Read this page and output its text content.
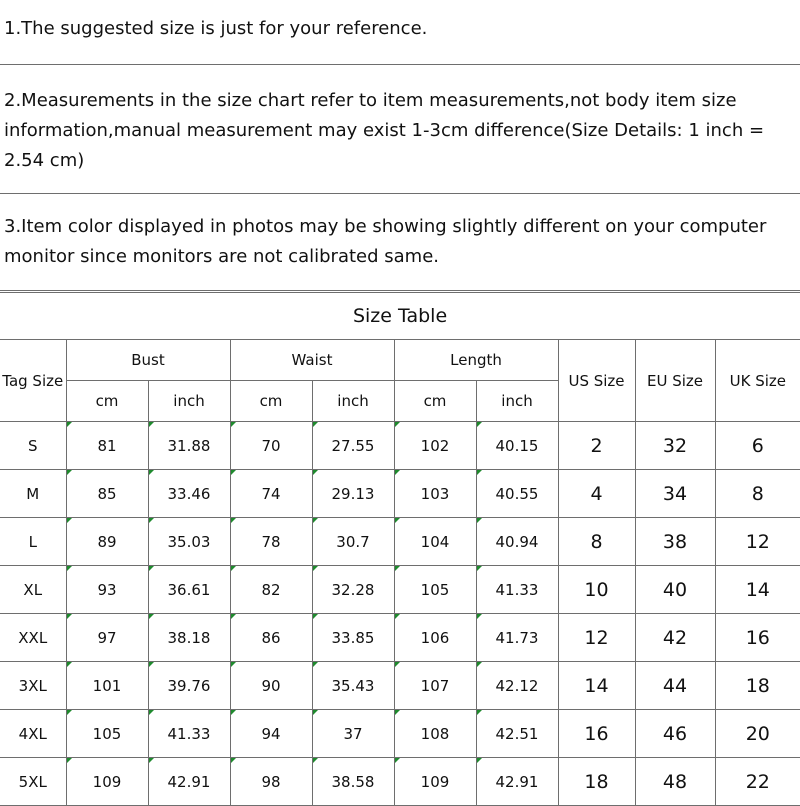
1.The suggested size is just for your reference.

2.Measurements in the size chart refer to item measurements,not body item size information,manual measurement may exist 1-3cm difference(Size Details: 1 inch = 2.54 cm)

3.Item color displayed in photos may be showing slightly different on your computer monitor since monitors are not calibrated same.

Size Table									
Tag Size	Bust		Waist		Length		US Size	EU Size	UK Size
	cm	inch	cm	inch	cm	inch			
S	81	31.88	70	27.55	102	40.15	2	32	6
M	85	33.46	74	29.13	103	40.55	4	34	8
L	89	35.03	78	30.7	104	40.94	8	38	12
XL	93	36.61	82	32.28	105	41.33	10	40	14
XXL	97	38.18	86	33.85	106	41.73	12	42	16
3XL	101	39.76	90	35.43	107	42.12	14	44	18
4XL	105	41.33	94	37	108	42.51	16	46	20
5XL	109	42.91	98	38.58	109	42.91	18	48	22
